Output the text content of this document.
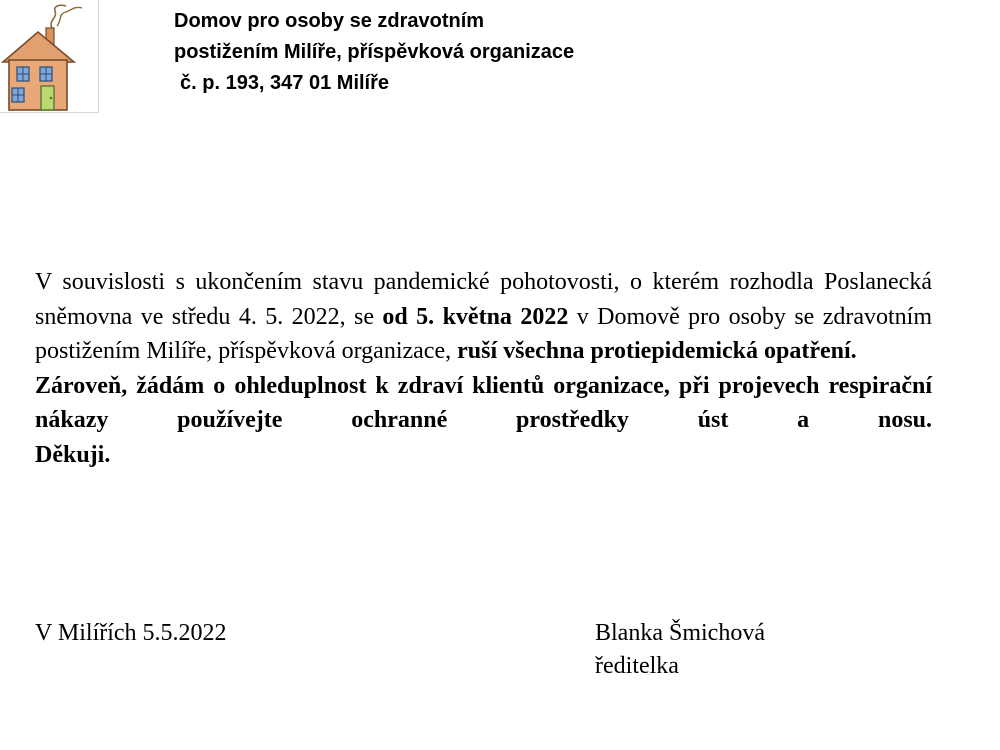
Domov pro osoby se zdravotním
postižením Milíře, příspěvková organizace
č. p. 193, 347 01 Milíře

V souvislosti s ukončením stavu pandemické pohotovosti, o kterém rozhodla Poslanecká sněmovna ve středu 4. 5. 2022, se od 5. května 2022 v Domově pro osoby se zdravotním postižením Milíře, příspěvková organizace, ruší všechna protiepidemická opatření.

Zároveň, žádám o ohleduplnost k zdraví klientů organizace, při projevech respirační nákazy používejte ochranné prostředky úst a nosu.

Děkuji.

V Milířích 5.5.2022	Blanka Šmichová
ředitelka
